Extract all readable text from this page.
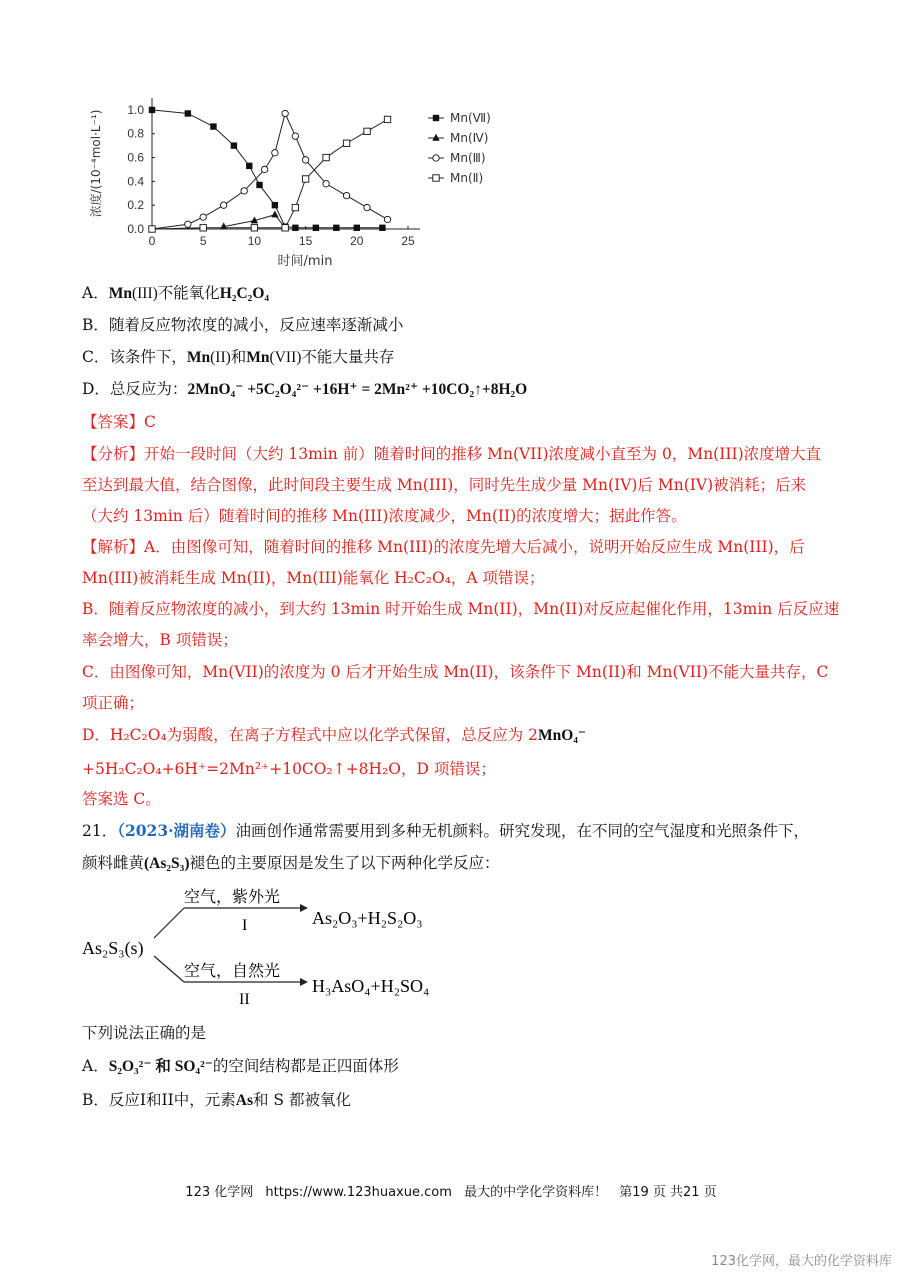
0	5	10	15	20	25
0.0
0.2
0.4
0.6
0.8
1.0
时间/min
浓度/(10⁻⁴mol·L⁻¹)	Mn(Ⅶ)
Mn(Ⅳ)
Mn(Ⅲ)
Mn(Ⅱ)
A．Mn(III)不能氧化H₂C₂O₄
B．随着反应物浓度的减小，反应速率逐渐减小
C．该条件下，Mn(II)和Mn(VII)不能大量共存
D．总反应为：2MnO₄⁻ +5C₂O₄²⁻ +16H⁺ = 2Mn²⁺ +10CO₂↑+8H₂O
【答案】C
【分析】开始一段时间（大约 13min 前）随着时间的推移 Mn(VII)浓度减小直至为 0，Mn(III)浓度增大直
至达到最大值，结合图像，此时间段主要生成 Mn(III)，同时先生成少量 Mn(IV)后 Mn(IV)被消耗；后来
（大约 13min 后）随着时间的推移 Mn(III)浓度减少，Mn(II)的浓度增大；据此作答。
【解析】A．由图像可知，随着时间的推移 Mn(III)的浓度先增大后减小，说明开始反应生成 Mn(III)，后
Mn(III)被消耗生成 Mn(II)，Mn(III)能氧化 H₂C₂O₄，A 项错误；
B．随着反应物浓度的减小，到大约 13min 时开始生成 Mn(II)，Mn(II)对反应起催化作用，13min 后反应速
率会增大，B 项错误；
C．由图像可知，Mn(VII)的浓度为 0 后才开始生成 Mn(II)，该条件下 Mn(II)和 Mn(VII)不能大量共存，C
项正确；
D．H₂C₂O₄为弱酸，在离子方程式中应以化学式保留，总反应为 2MnO₄⁻
+5H₂C₂O₄+6H⁺=2Mn²⁺+10CO₂↑+8H₂O，D 项错误；
答案选 C。
21．（2023·湖南卷）油画创作通常需要用到多种无机颜料。研究发现，在不同的空气湿度和光照条件下，
颜料雌黄(As₂S₃)褪色的主要原因是发生了以下两种化学反应：
As₂S₃(s)
空气，紫外光
I	As₂O₃+H₂S₂O₃
空气，自然光
II
H₃AsO₄+H₂SO₄
下列说法正确的是
A．S₂O₃²⁻ 和 SO₄²⁻的空间结构都是正四面体形
B．反应I和II中，元素As和 S 都被氧化
123 化学网 https://www.123huaxue.com 最大的中学化学资料库！ 第19 页 共21 页
123化学网，最大的化学资料库
